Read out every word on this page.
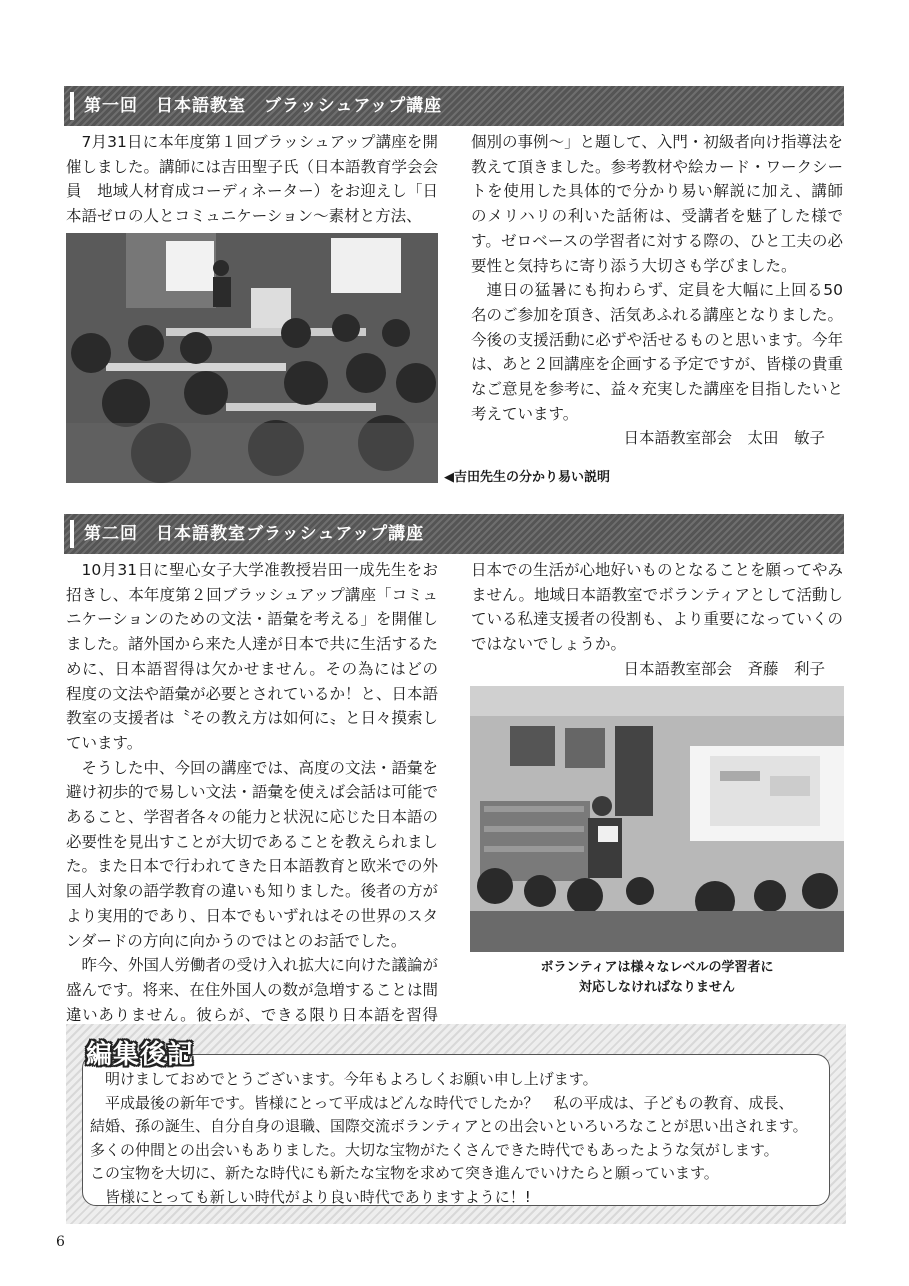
第一回　日本語教室　ブラッシュアップ講座

7月31日に本年度第１回ブラッシュアップ講座を開催しました。講師には吉田聖子氏（日本語教育学会会員　地域人材育成コーディネーター）をお迎えし「日本語ゼロの人とコミュニケーション〜素材と方法、

◀吉田先生の分かり易い説明

個別の事例〜」と題して、入門・初級者向け指導法を教えて頂きました。参考教材や絵カード・ワークシートを使用した具体的で分かり易い解説に加え、講師のメリハリの利いた話術は、受講者を魅了した様です。ゼロベースの学習者に対する際の、ひと工夫の必要性と気持ちに寄り添う大切さも学びました。

連日の猛暑にも拘わらず、定員を大幅に上回る50名のご参加を頂き、活気あふれる講座となりました。今後の支援活動に必ずや活せるものと思います。今年は、あと２回講座を企画する予定ですが、皆様の貴重なご意見を参考に、益々充実した講座を目指したいと考えています。

日本語教室部会　太田　敏子

第二回　日本語教室ブラッシュアップ講座

10月31日に聖心女子大学准教授岩田一成先生をお招きし、本年度第２回ブラッシュアップ講座「コミュニケーションのための文法・語彙を考える」を開催しました。諸外国から来た人達が日本で共に生活するために、日本語習得は欠かせません。その為にはどの程度の文法や語彙が必要とされているか！と、日本語教室の支援者は〝その教え方は如何に〟と日々摸索しています。

そうした中、今回の講座では、高度の文法・語彙を避け初歩的で易しい文法・語彙を使えば会話は可能であること、学習者各々の能力と状況に応じた日本語の必要性を見出すことが大切であることを教えられました。また日本で行われてきた日本語教育と欧米での外国人対象の語学教育の違いも知りました。後者の方がより実用的であり、日本でもいずれはその世界のスタンダードの方向に向かうのではとのお話でした。

昨今、外国人労働者の受け入れ拡大に向けた議論が盛んです。将来、在住外国人の数が急増することは間違いありません。彼らが、できる限り日本語を習得

日本での生活が心地好いものとなることを願ってやみません。地域日本語教室でボランティアとして活動している私達支援者の役割も、より重要になっていくのではないでしょうか。

日本語教室部会　斉藤　利子

ボランティアは様々なレベルの学習者に
対応しなければなりません
編集後記

　明けましておめでとうございます。今年もよろしくお願い申し上げます。

　平成最後の新年です。皆様にとって平成はどんな時代でしたか？　私の平成は、子どもの教育、成長、

結婚、孫の誕生、自分自身の退職、国際交流ボランティアとの出会いといろいろなことが思い出されます。

多くの仲間との出会いもありました。大切な宝物がたくさんできた時代でもあったような気がします。

この宝物を大切に、新たな時代にも新たな宝物を求めて突き進んでいけたらと願っています。

　皆様にとっても新しい時代がより良い時代でありますように！!

6
